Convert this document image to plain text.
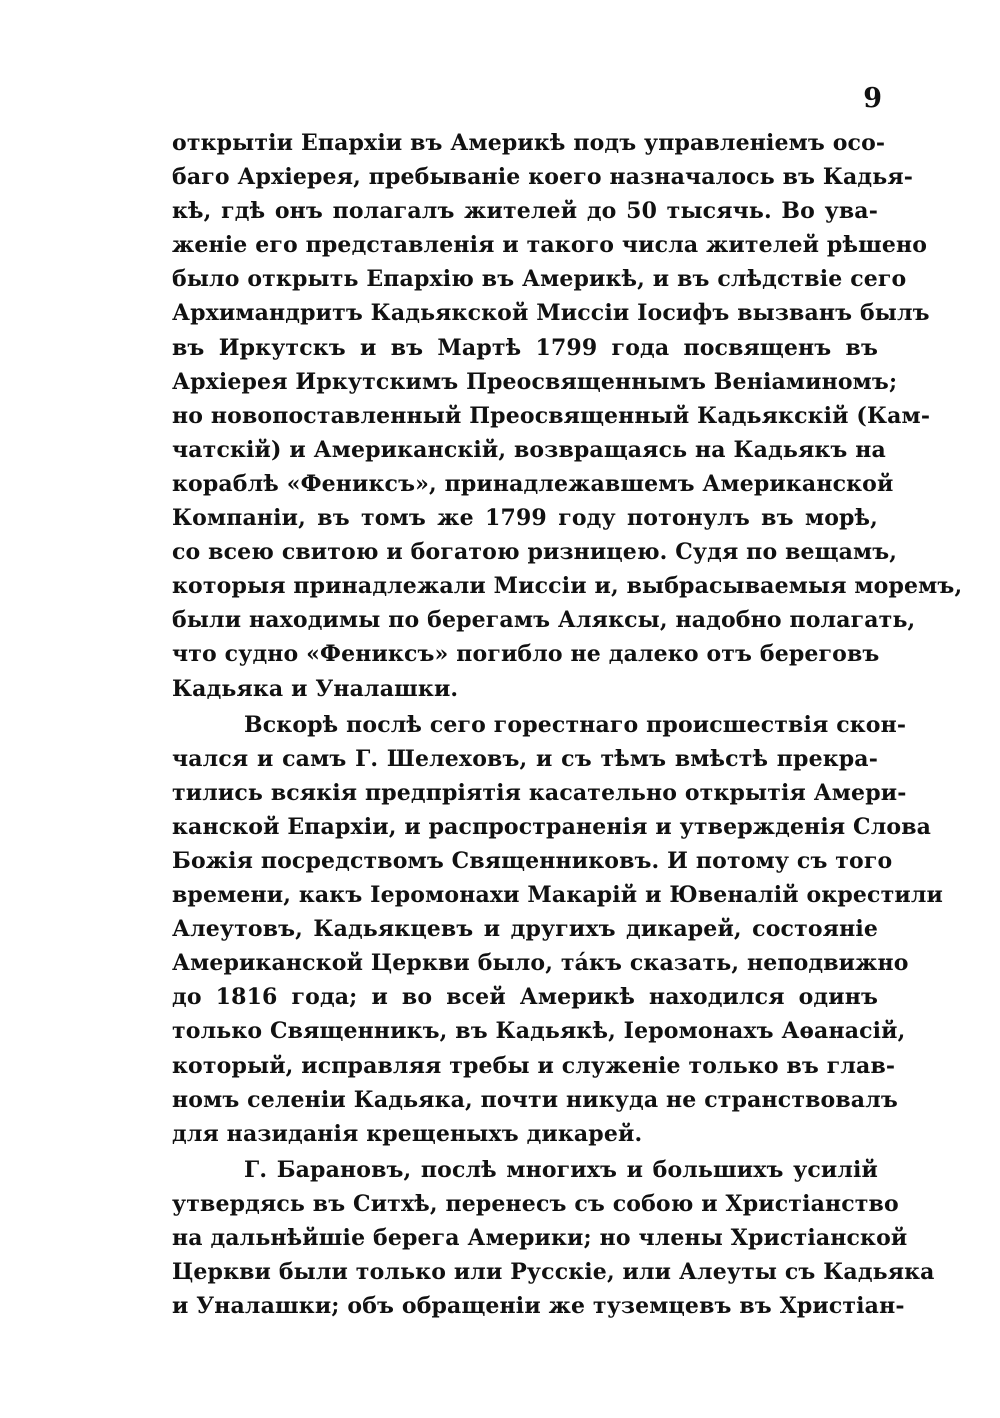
9
открытіи Епархіи въ Америкѣ подъ управленіемъ осо-
баго Архіерея, пребываніе коего назначалось въ Кадья-
кѣ, гдѣ онъ полагалъ жителей до 50 тысячь. Во ува-
женіе его представленія и такого числа жителей рѣшено
было открыть Епархію въ Америкѣ, и въ слѣдствіе сего
Архимандритъ Кадьякской Миссіи Іосифъ вызванъ былъ
въ Иркутскъ и въ Мартѣ 1799 года посвященъ въ
Архіерея Иркутскимъ Преосвященнымъ Веніаминомъ;
но новопоставленный Преосвященный Кадьякскій (Кам-
чатскій) и Американскій, возвращаясь на Кадьякъ на
кораблѣ «Фениксъ», принадлежавшемъ Американской
Компаніи, въ томъ же 1799 году потонулъ въ морѣ,
со всею свитою и богатою ризницею. Судя по вещамъ,
которыя принадлежали Миссіи и, выбрасываемыя моремъ,
были находимы по берегамъ Аляксы, надобно полагать,
что судно «Фениксъ» погибло не далеко отъ береговъ
Кадьяка и Уналашки.
Вскорѣ послѣ сего горестнаго происшествія скон-
чался и самъ Г. Шелеховъ, и съ тѣмъ вмѣстѣ прекра-
тились всякія предпріятія касательно открытія Амери-
канской Епархіи, и распространенія и утвержденія Слова
Божія посредствомъ Священниковъ. И потому съ того
времени, какъ Іеромонахи Макарій и Ювеналій окрестили
Алеутовъ, Кадьякцевъ и другихъ дикарей, состояніе
Американской Церкви было, та́къ сказать, неподвижно
до 1816 года; и во всей Америкѣ находился одинъ
только Священникъ, въ Кадьякѣ, Іеромонахъ Аѳанасій,
который, исправляя требы и служеніе только въ глав-
номъ селеніи Кадьяка, почти никуда не странствовалъ
для назиданія крещеныхъ дикарей.
Г. Барановъ, послѣ многихъ и большихъ усилій
утвердясь въ Ситхѣ, перенесъ съ собою и Христіанство
на дальнѣйшіе берега Америки; но члены Христіанской
Церкви были только или Русскіе, или Алеуты съ Кадьяка
и Уналашки; объ обращеніи же туземцевъ въ Христіан-
